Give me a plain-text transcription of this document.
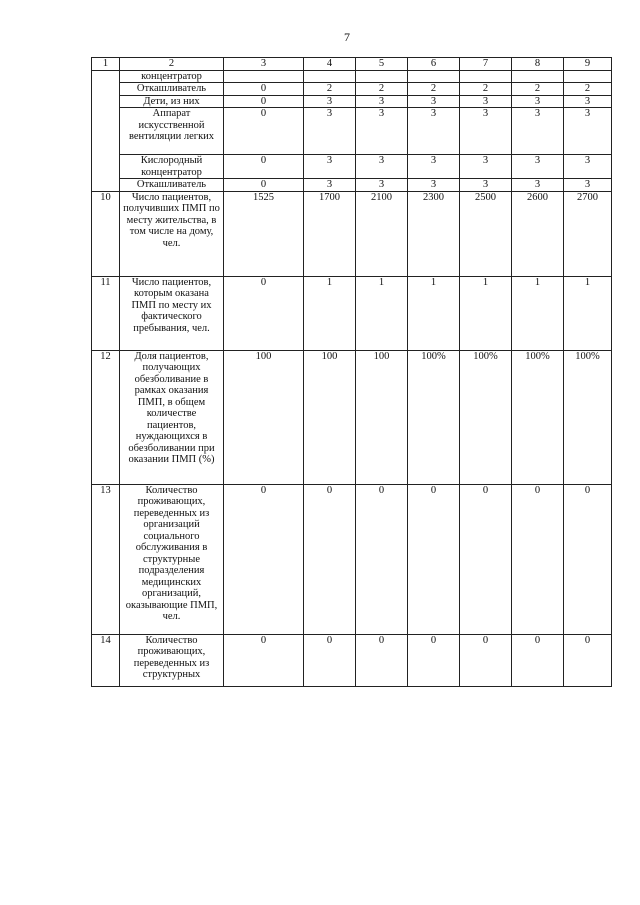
7
1	2	3	4	5	6	7	8	9
	концентратор							
	Откашливатель	0	2	2	2	2	2	2
	Дети, из них	0	3	3	3	3	3	3
	Аппарат искусственной вентиляции легких	0	3	3	3	3	3	3
	Кислородный концентратор	0	3	3	3	3	3	3
	Откашливатель	0	3	3	3	3	3	3
10	Число пациентов, получивших ПМП по месту жительства, в том числе на дому, чел.	1525	1700	2100	2300	2500	2600	2700
11	Число пациентов, которым оказана ПМП по месту их фактического пребывания, чел.	0	1	1	1	1	1	1
12	Доля пациентов, получающих обезболивание в рамках оказания ПМП, в общем количестве пациентов, нуждающихся в обезболивании при оказании ПМП (%)	100	100	100	100%	100%	100%	100%
13	Количество проживающих, переведенных из организаций социального обслуживания в структурные подразделения медицинских организаций, оказывающие ПМП, чел.	0	0	0	0	0	0	0
14	Количество проживающих, переведенных из структурных	0	0	0	0	0	0	0
